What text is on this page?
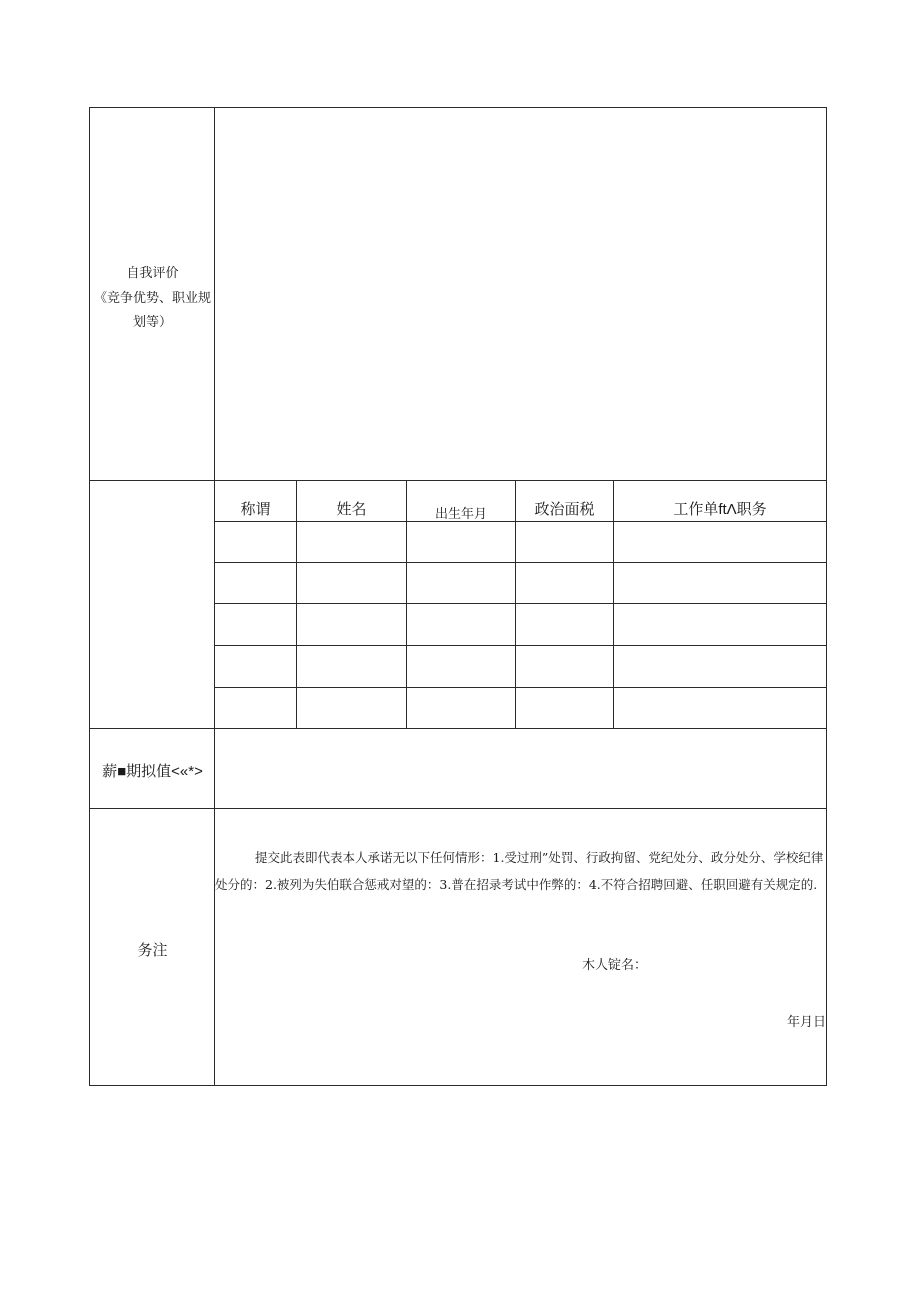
自我评价
《竞争优势、职业规
划等）
称谓	姓名	出生年月	政治面税	工作单ftΛ职务
薪■期拟值<«*>
务注

提交此表即代表本人承诺无以下任何情形：1.受过刑”处罚、行政拘留、党纪处分、政分处分、学校纪律处分的：2.被列为失伯联合惩戒对望的：3.普在招录考试中作弊的：4.不符合招聘回避、任职回避有关规定的.

木人锭名：
年月日
